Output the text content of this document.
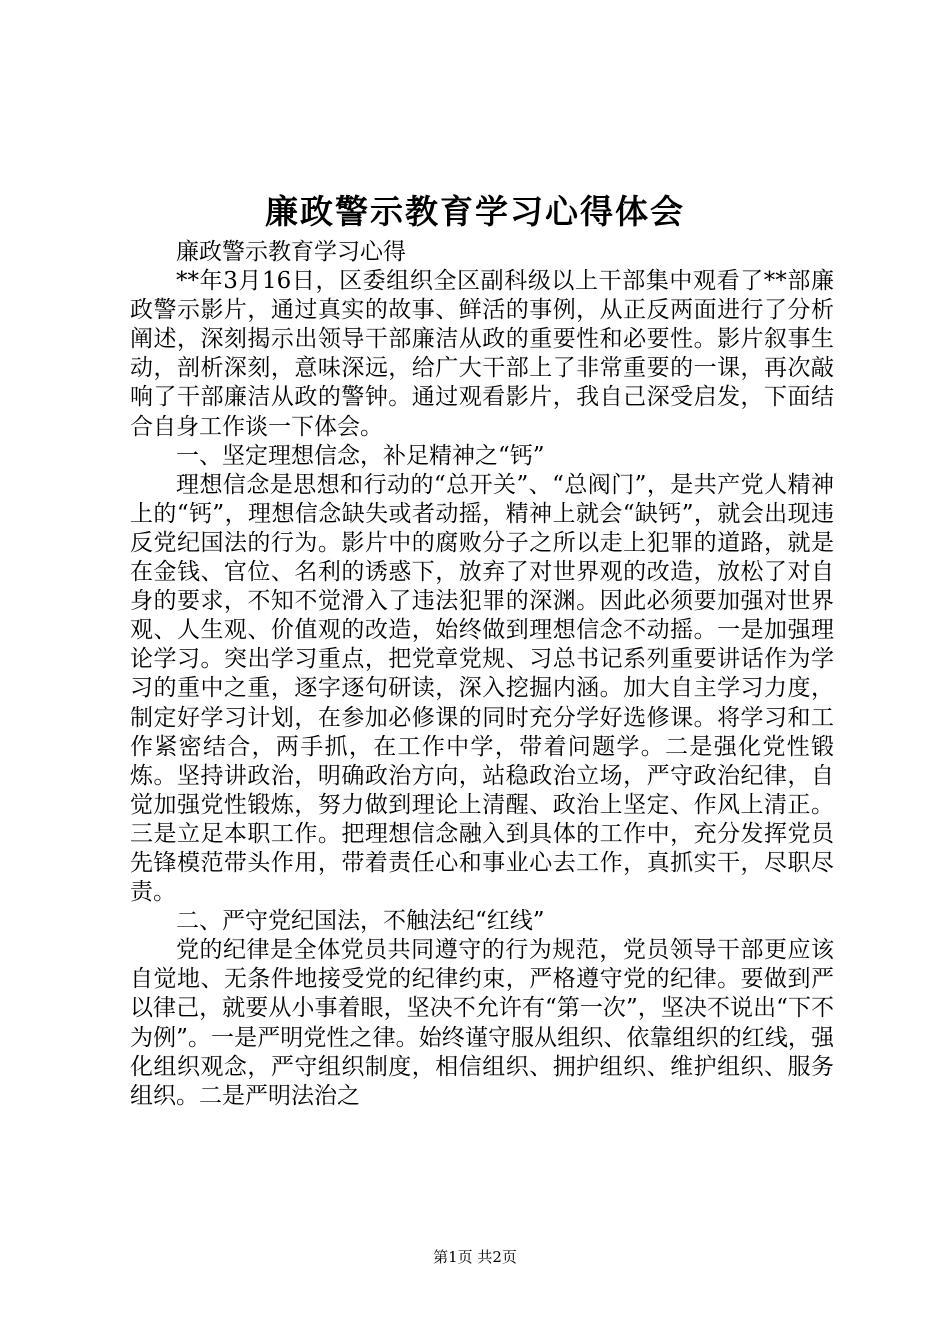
廉政警示教育学习心得体会

廉政警示教育学习心得

**年3月16日，区委组织全区副科级以上干部集中观看了**部廉政警示影片，通过真实的故事、鲜活的事例，从正反两面进行了分析阐述，深刻揭示出领导干部廉洁从政的重要性和必要性。影片叙事生动，剖析深刻，意味深远，给广大干部上了非常重要的一课，再次敲响了干部廉洁从政的警钟。通过观看影片，我自己深受启发，下面结合自身工作谈一下体会。

一、坚定理想信念，补足精神之“钙”

理想信念是思想和行动的“总开关”、“总阀门”，是共产党人精神上的“钙”，理想信念缺失或者动摇，精神上就会“缺钙”，就会出现违反党纪国法的行为。影片中的腐败分子之所以走上犯罪的道路，就是在金钱、官位、名利的诱惑下，放弃了对世界观的改造，放松了对自身的要求，不知不觉滑入了违法犯罪的深渊。因此必须要加强对世界观、人生观、价值观的改造，始终做到理想信念不动摇。一是加强理论学习。突出学习重点，把党章党规、习总书记系列重要讲话作为学习的重中之重，逐字逐句研读，深入挖掘内涵。加大自主学习力度，制定好学习计划，在参加必修课的同时充分学好选修课。将学习和工作紧密结合，两手抓，在工作中学，带着问题学。二是强化党性锻炼。坚持讲政治，明确政治方向，站稳政治立场，严守政治纪律，自觉加强党性锻炼，努力做到理论上清醒、政治上坚定、作风上清正。三是立足本职工作。把理想信念融入到具体的工作中，充分发挥党员先锋模范带头作用，带着责任心和事业心去工作，真抓实干，尽职尽责。

二、严守党纪国法，不触法纪“红线”

党的纪律是全体党员共同遵守的行为规范，党员领导干部更应该自觉地、无条件地接受党的纪律约束，严格遵守党的纪律。要做到严以律己，就要从小事着眼，坚决不允许有“第一次”，坚决不说出“下不为例”。一是严明党性之律。始终谨守服从组织、依靠组织的红线，强化组织观念，严守组织制度，相信组织、拥护组织、维护组织、服务组织。二是严明法治之

第1页 共2页
